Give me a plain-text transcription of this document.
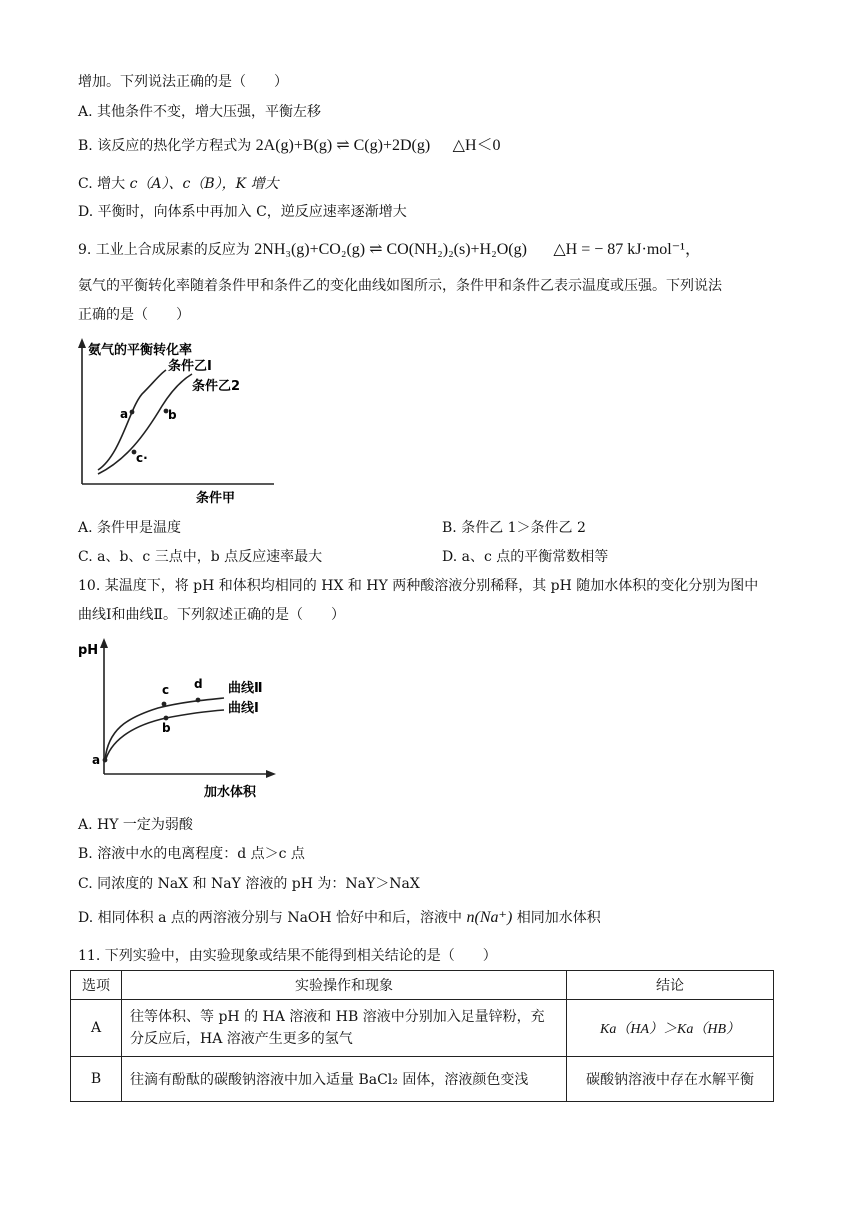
增加。下列说法正确的是（　　）
A. 其他条件不变，增大压强，平衡左移
B. 该反应的热化学方程式为 2A(g)+B(g) ⇌ C(g)+2D(g) △H＜0
C. 增大 c（A）、c（B），K 增大
D. 平衡时，向体系中再加入 C，逆反应速率逐渐增大
9. 工业上合成尿素的反应为 2NH₃(g)+CO₂(g) ⇌ CO(NH₂)₂(s)+H₂O(g) △H = − 87 kJ·mol⁻¹，
氨气的平衡转化率随着条件甲和条件乙的变化曲线如图所示，条件甲和条件乙表示温度或压强。下列说法
正确的是（　　）
氨气的平衡转化率
条件甲
条件乙Ⅰ
条件乙2
a	b
c·
A. 条件甲是温度	B. 条件乙 1＞条件乙 2
C. a、b、c 三点中，b 点反应速率最大	D. a、c 点的平衡常数相等
10. 某温度下，将 pH 和体积均相同的 HX 和 HY 两种酸溶液分别稀释，其 pH 随加水体积的变化分别为图中
曲线Ⅰ和曲线Ⅱ。下列叙述正确的是（　　）
pH
加水体积
曲线Ⅱ
曲线Ⅰ
a
c d
b
A. HY 一定为弱酸
B. 溶液中水的电离程度：d 点＞c 点
C. 同浓度的 NaX 和 NaY 溶液的 pH 为：NaY＞NaX
D. 相同体积 a 点的两溶液分别与 NaOH 恰好中和后，溶液中 n(Na⁺) 相同加水体积
11. 下列实验中，由实验现象或结果不能得到相关结论的是（　　）
选项	实验操作和现象	结论
A	往等体积、等 pH 的 HA 溶液和 HB 溶液中分别加入足量锌粉，充
分反应后，HA 溶液产生更多的氢气	Ka（HA）＞Ka（HB）
B	往滴有酚酞的碳酸钠溶液中加入适量 BaCl₂ 固体，溶液颜色变浅	碳酸钠溶液中存在水解平衡
